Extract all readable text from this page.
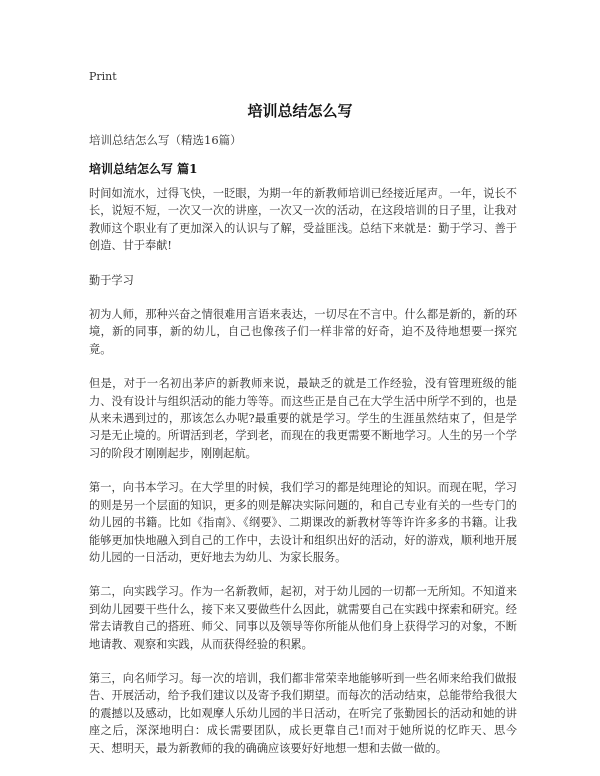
Print
培训总结怎么写
培训总结怎么写（精选16篇）
培训总结怎么写 篇1

时间如流水，过得飞快，一眨眼，为期一年的新教师培训已经接近尾声。一年，说长不长，说短不短，一次又一次的讲座，一次又一次的活动，在这段培训的日子里，让我对教师这个职业有了更加深入的认识与了解，受益匪浅。总结下来就是：勤于学习、善于创造、甘于奉献!

勤于学习

初为人师，那种兴奋之情很难用言语来表达，一切尽在不言中。什么都是新的，新的环境，新的同事，新的幼儿，自己也像孩子们一样非常的好奇，迫不及待地想要一探究竟。

但是，对于一名初出茅庐的新教师来说，最缺乏的就是工作经验，没有管理班级的能力、没有设计与组织活动的能力等等。而这些正是自己在大学生活中所学不到的，也是从来未遇到过的，那该怎么办呢?最重要的就是学习。学生的生涯虽然结束了，但是学习是无止境的。所谓活到老，学到老，而现在的我更需要不断地学习。人生的另一个学习的阶段才刚刚起步，刚刚起航。

第一，向书本学习。在大学里的时候，我们学习的都是纯理论的知识。而现在呢，学习的则是另一个层面的知识，更多的则是解决实际问题的，和自己专业有关的一些专门的幼儿园的书籍。比如《指南》、《纲要》、二期课改的新教材等等许许多多的书籍。让我能够更加快地融入到自己的工作中，去设计和组织出好的活动，好的游戏，顺利地开展幼儿园的一日活动，更好地去为幼儿、为家长服务。

第二，向实践学习。作为一名新教师，起初，对于幼儿园的一切都一无所知。不知道来到幼儿园要干些什么，接下来又要做些什么因此，就需要自己在实践中探索和研究。经常去请教自己的搭班、师父、同事以及领导等你所能从他们身上获得学习的对象，不断地请教、观察和实践，从而获得经验的积累。

第三，向名师学习。每一次的培训，我们都非常荣幸地能够听到一些名师来给我们做报告、开展活动，给予我们建议以及寄予我们期望。而每次的活动结束，总能带给我很大的震撼以及感动，比如观摩人乐幼儿园的半日活动，在听完了张勤园长的活动和她的讲座之后，深深地明白：成长需要团队，成长更靠自己!而对于她所说的忆昨天、思今天、想明天，最为新教师的我的确确应该要好好地想一想和去做一做的。
